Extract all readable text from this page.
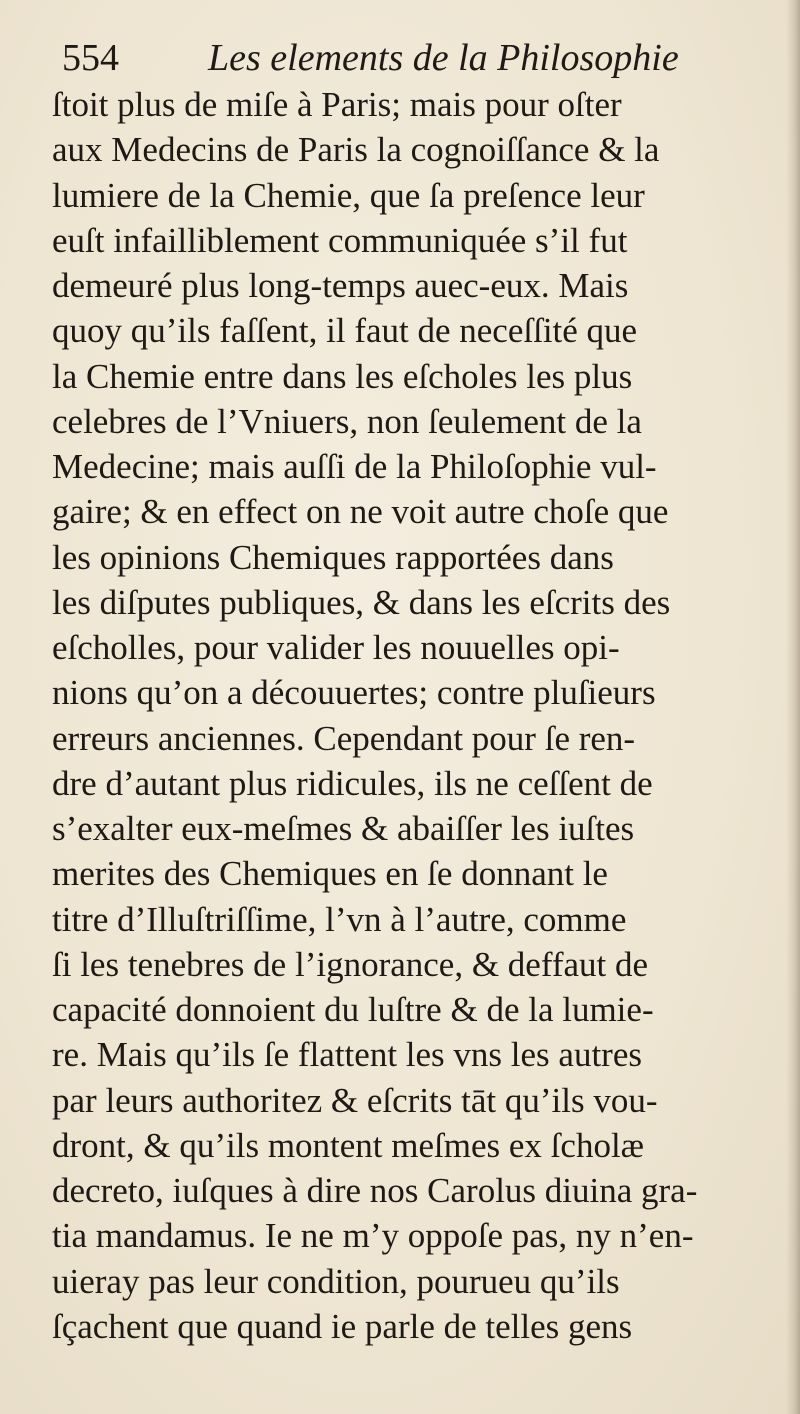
554 Les elements de la Philosophie
ſtoit plus de miſe à Paris; mais pour oſter
aux Medecins de Paris la cognoiſſance & la
lumiere de la Chemie, que ſa preſence leur
euſt infailliblement communiquée s’il fut
demeuré plus long-temps auec-eux. Mais
quoy qu’ils faſſent, il faut de neceſſité que
la Chemie entre dans les eſcholes les plus
celebres de l’Vniuers, non ſeulement de la
Medecine; mais auſſi de la Philoſophie vul-
gaire; & en effect on ne voit autre choſe que
les opinions Chemiques rapportées dans
les diſputes publiques, & dans les eſcrits des
eſcholles, pour valider les nouuelles opi-
nions qu’on a découuertes; contre pluſieurs
erreurs anciennes. Cependant pour ſe ren-
dre d’autant plus ridicules, ils ne ceſſent de
s’exalter eux-meſmes & abaiſſer les iuſtes
merites des Chemiques en ſe donnant le
titre d’Illuſtriſſime, l’vn à l’autre, comme
ſi les tenebres de l’ignorance, & deffaut de
capacité donnoient du luſtre & de la lumie-
re. Mais qu’ils ſe flattent les vns les autres
par leurs authoritez & eſcrits tāt qu’ils vou-
dront, & qu’ils montent meſmes ex ſcholæ
decreto, iuſques à dire nos Carolus diuina gra-
tia mandamus. Ie ne m’y oppoſe pas, ny n’en-
uieray pas leur condition, pourueu qu’ils
ſçachent que quand ie parle de telles gens
